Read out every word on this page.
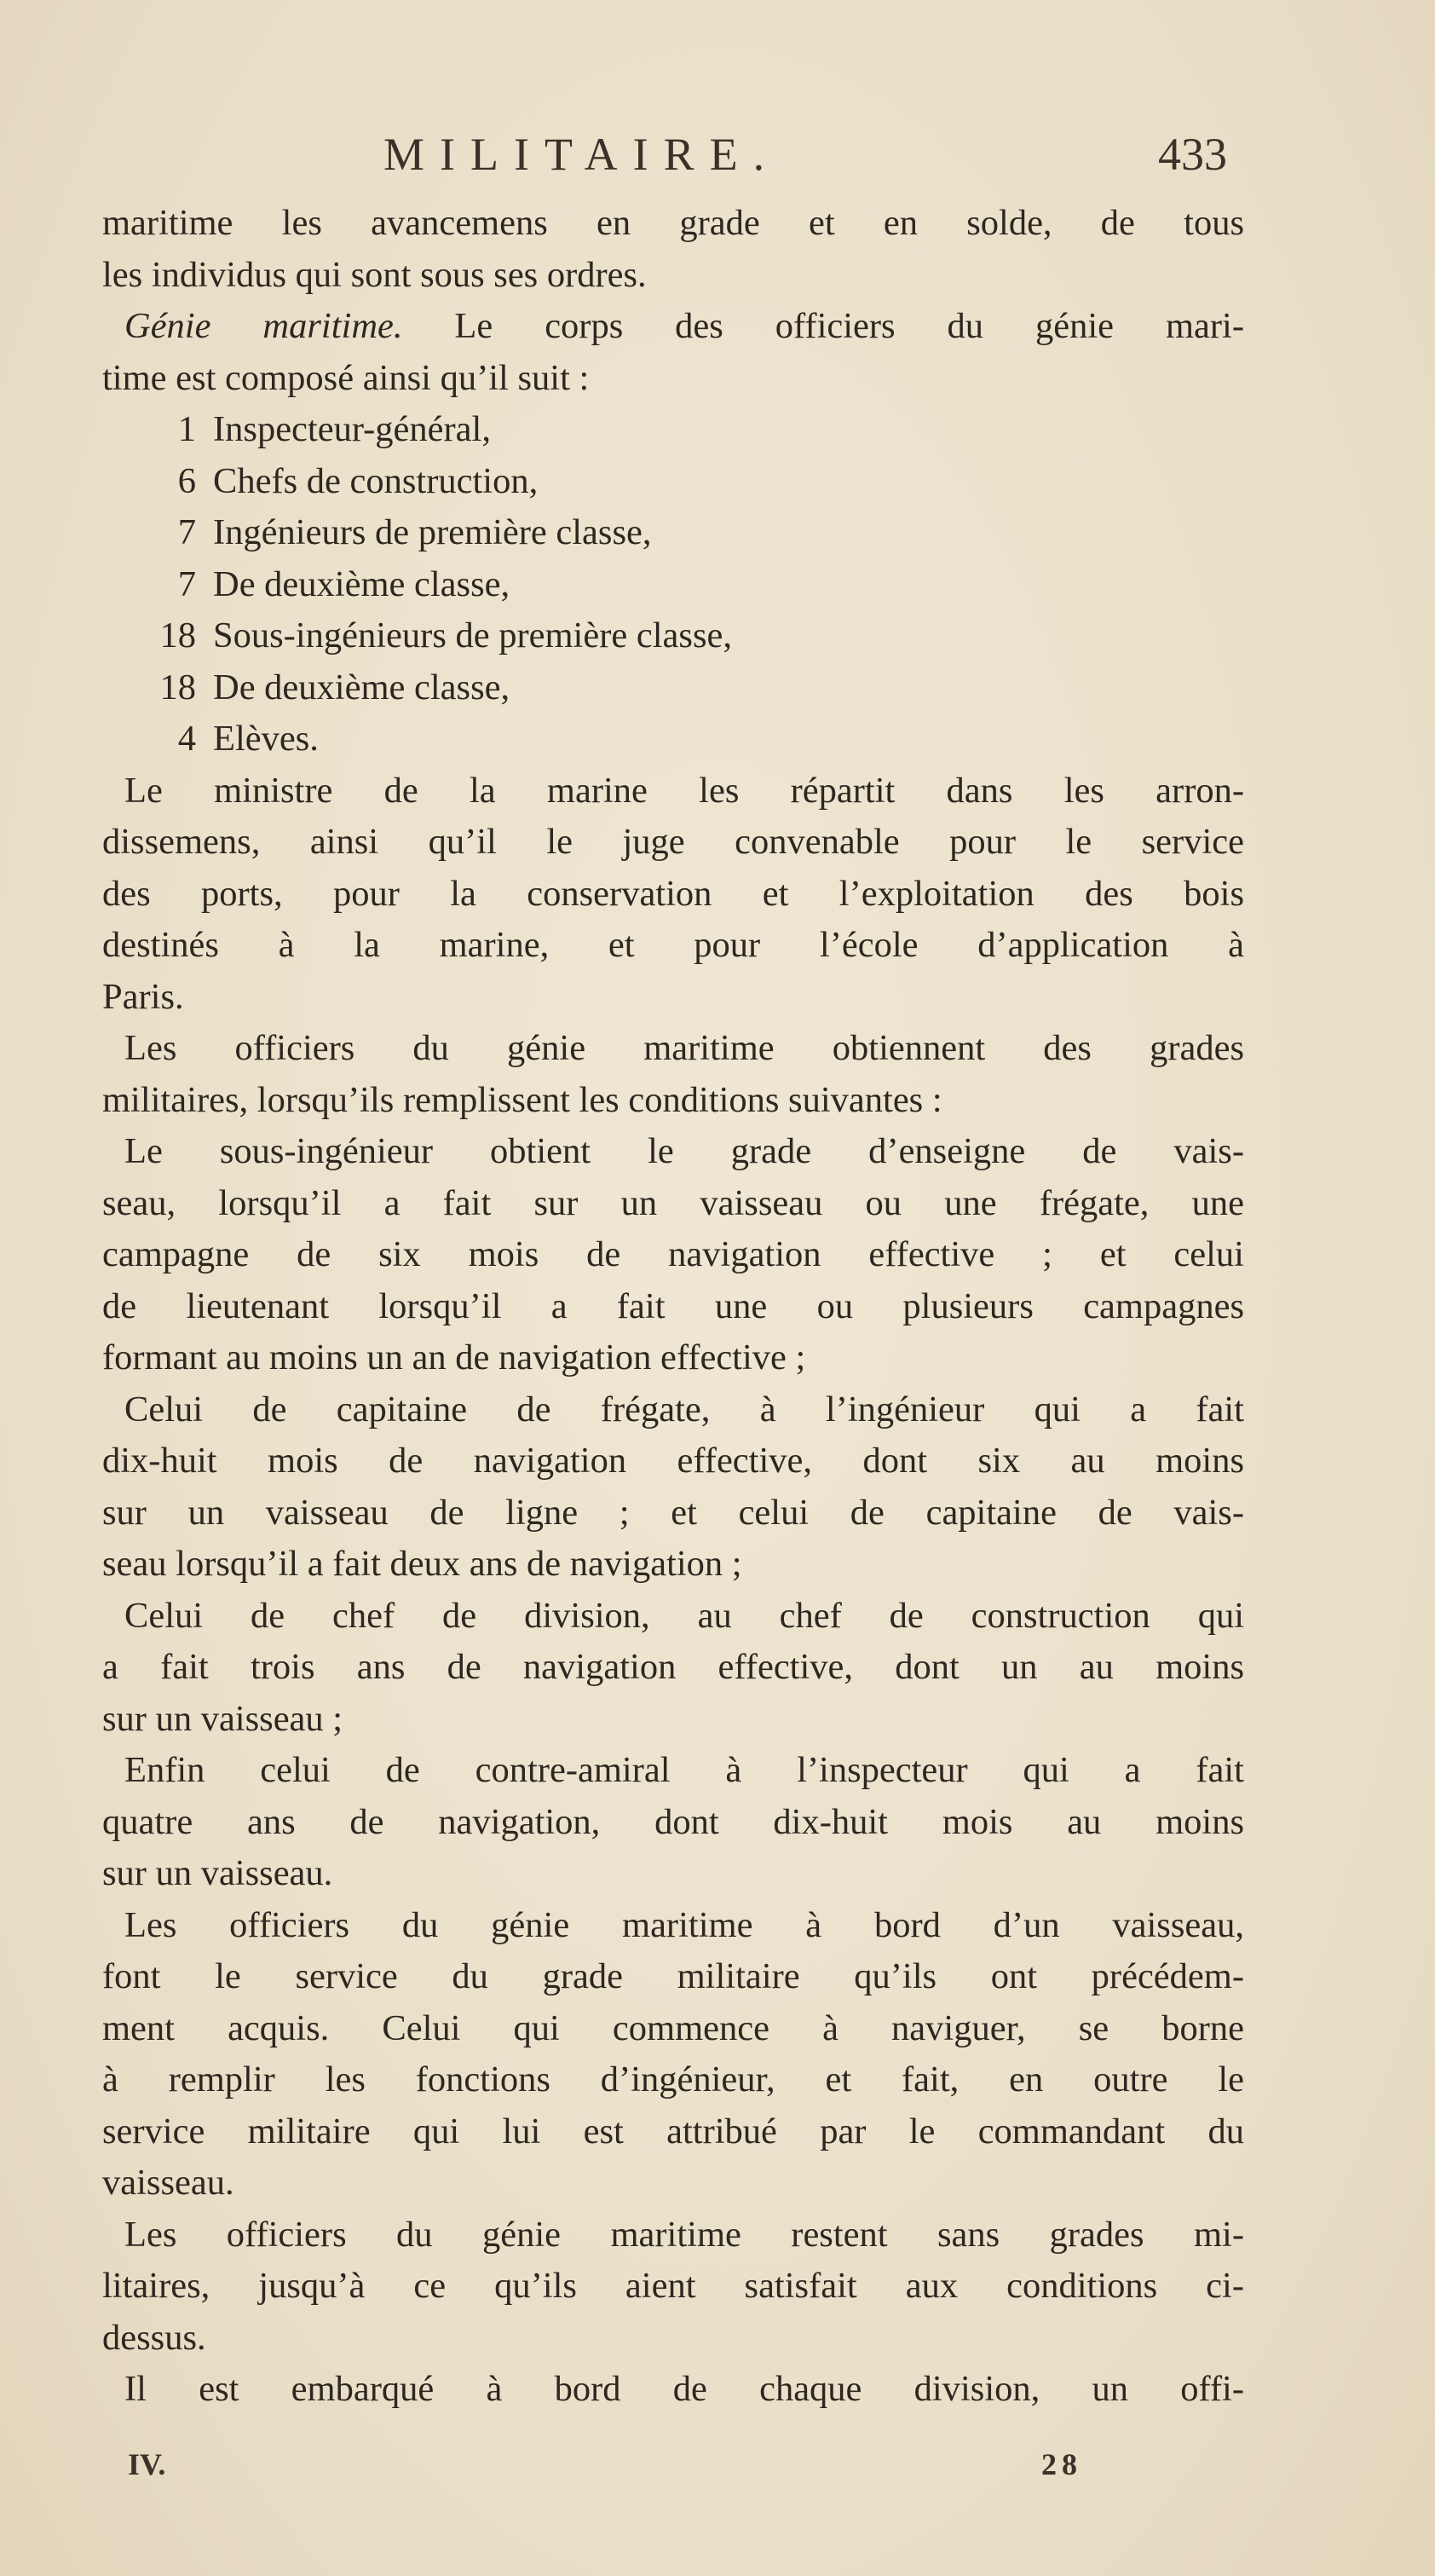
MILITAIRE.	433

maritime les avancemens en grade et en solde, de tous
les individus qui sont sous ses ordres.

Génie maritime. Le corps des officiers du génie mari-
time est composé ainsi qu’il suit :

1 Inspecteur-général,
6 Chefs de construction,
7 Ingénieurs de première classe,
7 De deuxième classe,
18 Sous-ingénieurs de première classe,
18 De deuxième classe,
4 Elèves.

Le ministre de la marine les répartit dans les arron-
dissemens, ainsi qu’il le juge convenable pour le service
des ports, pour la conservation et l’exploitation des bois
destinés à la marine, et pour l’école d’application à
Paris.

Les officiers du génie maritime obtiennent des grades
militaires, lorsqu’ils remplissent les conditions suivantes :

Le sous-ingénieur obtient le grade d’enseigne de vais-
seau, lorsqu’il a fait sur un vaisseau ou une frégate, une
campagne de six mois de navigation effective ; et celui
de lieutenant lorsqu’il a fait une ou plusieurs campagnes
formant au moins un an de navigation effective ;

Celui de capitaine de frégate, à l’ingénieur qui a fait
dix-huit mois de navigation effective, dont six au moins
sur un vaisseau de ligne ; et celui de capitaine de vais-
seau lorsqu’il a fait deux ans de navigation ;

Celui de chef de division, au chef de construction qui
a fait trois ans de navigation effective, dont un au moins
sur un vaisseau ;

Enfin celui de contre-amiral à l’inspecteur qui a fait
quatre ans de navigation, dont dix-huit mois au moins
sur un vaisseau.

Les officiers du génie maritime à bord d’un vaisseau,
font le service du grade militaire qu’ils ont précédem-
ment acquis. Celui qui commence à naviguer, se borne
à remplir les fonctions d’ingénieur, et fait, en outre le
service militaire qui lui est attribué par le commandant du
vaisseau.

Les officiers du génie maritime restent sans grades mi-
litaires, jusqu’à ce qu’ils aient satisfait aux conditions ci-
dessus.

Il est embarqué à bord de chaque division, un offi-

IV.	28
